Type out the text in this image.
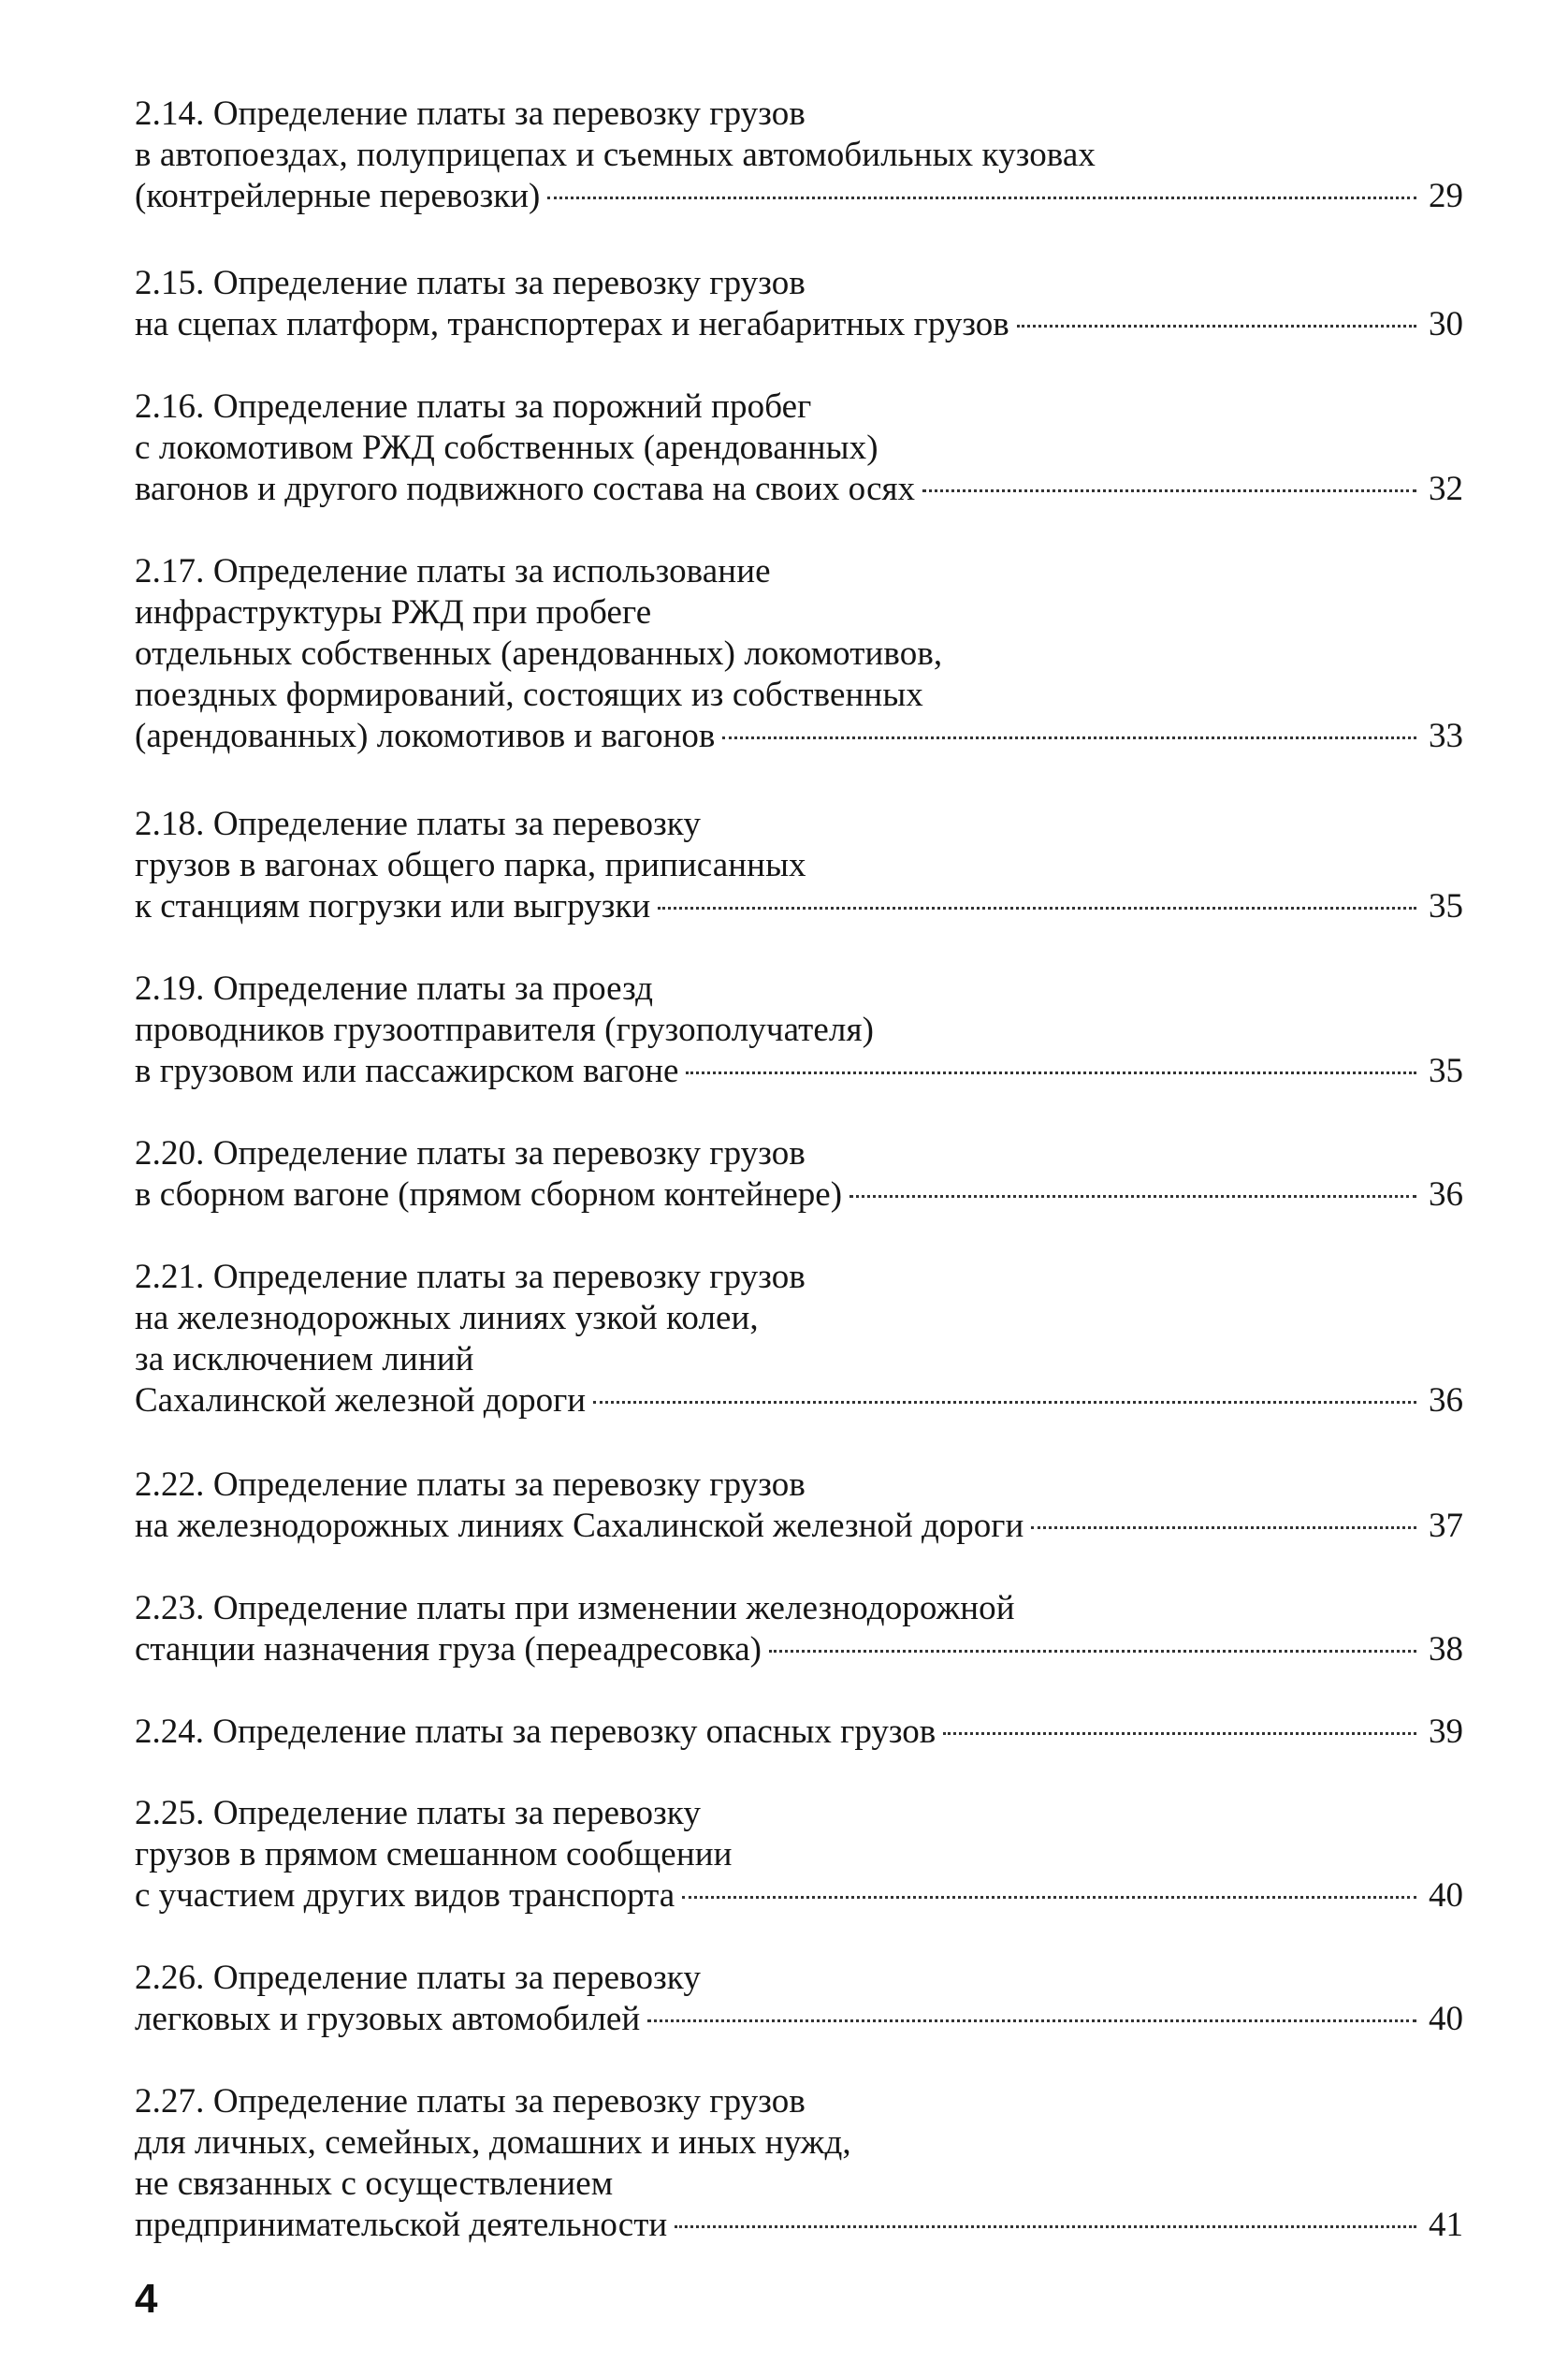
2.14. Определение платы за перевозку грузов
в автопоездах, полуприцепах и съемных автомобильных кузовах
(контрейлерные перевозки)	29
2.15. Определение платы за перевозку грузов
на сцепах платформ, транспортерах и негабаритных грузов	30
2.16. Определение платы за порожний пробег
с локомотивом РЖД собственных (арендованных)
вагонов и другого подвижного состава на своих осях	32
2.17. Определение платы за использование
инфраструктуры РЖД при пробеге
отдельных собственных (арендованных) локомотивов,
поездных формирований, состоящих из собственных
(арендованных) локомотивов и вагонов	33
2.18. Определение платы за перевозку
грузов в вагонах общего парка, приписанных
к станциям погрузки или выгрузки	35
2.19. Определение платы за проезд
проводников грузоотправителя (грузополучателя)
в грузовом или пассажирском вагоне	35
2.20. Определение платы за перевозку грузов
в сборном вагоне (прямом сборном контейнере)	36
2.21. Определение платы за перевозку грузов
на железнодорожных линиях узкой колеи,
за исключением линий
Сахалинской железной дороги	36
2.22. Определение платы за перевозку грузов
на железнодорожных линиях Сахалинской железной дороги	37
2.23. Определение платы при изменении железнодорожной
станции назначения груза (переадресовка)	38
2.24. Определение платы за перевозку опасных грузов	39
2.25. Определение платы за перевозку
грузов в прямом смешанном сообщении
с участием других видов транспорта	40
2.26. Определение платы за перевозку
легковых и грузовых автомобилей	40
2.27. Определение платы за перевозку грузов
для личных, семейных, домашних и иных нужд,
не связанных с осуществлением
предпринимательской деятельности	41
4
